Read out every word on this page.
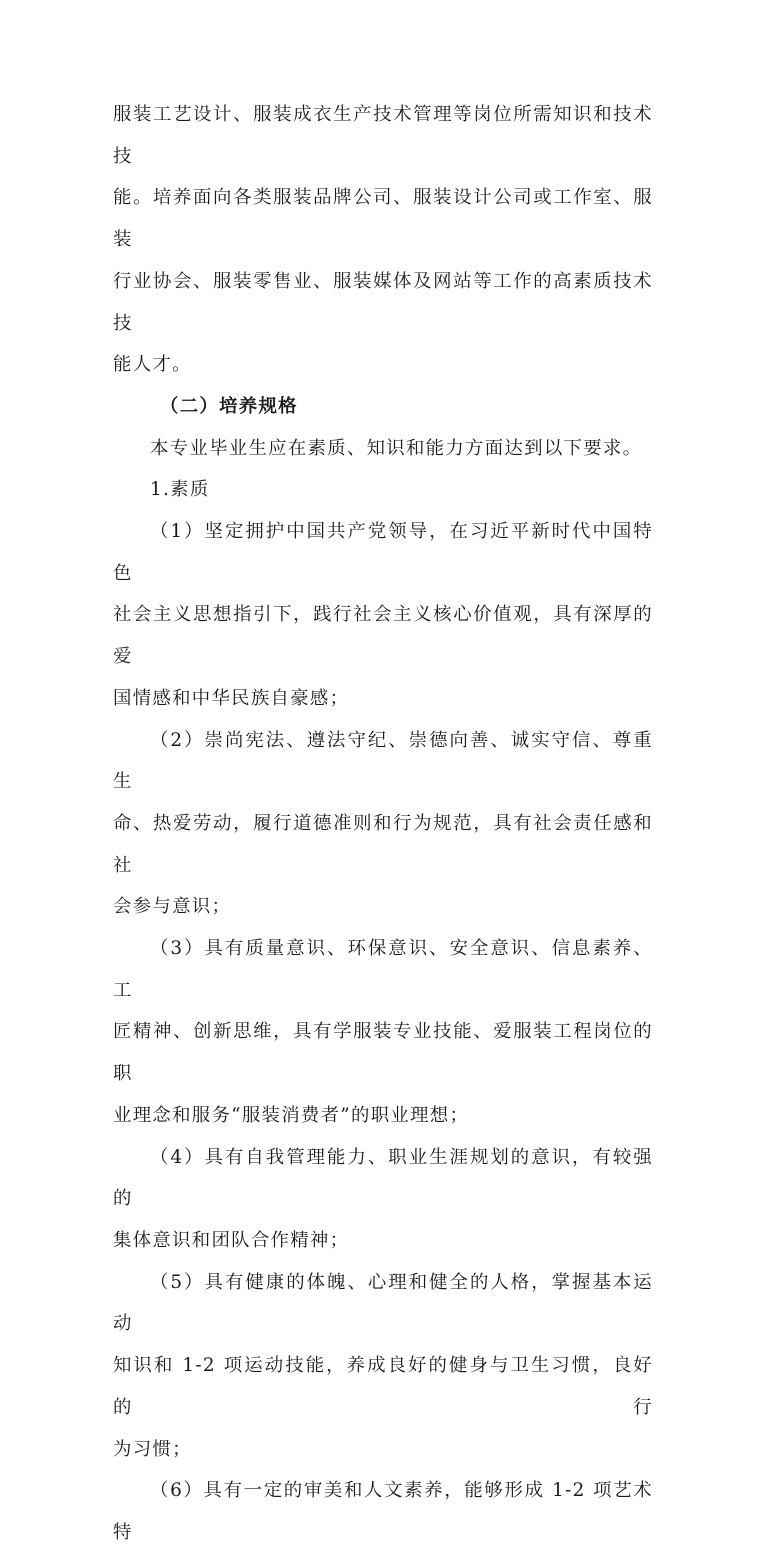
服装工艺设计、服装成衣生产技术管理等岗位所需知识和技术技
能。培养面向各类服装品牌公司、服装设计公司或工作室、服装
行业协会、服装零售业、服装媒体及网站等工作的高素质技术技
能人才。

（二）培养规格

本专业毕业生应在素质、知识和能力方面达到以下要求。

1.素质

（1）坚定拥护中国共产党领导，在习近平新时代中国特色
社会主义思想指引下，践行社会主义核心价值观，具有深厚的爱
国情感和中华民族自豪感；

（2）崇尚宪法、遵法守纪、崇德向善、诚实守信、尊重生
命、热爱劳动，履行道德准则和行为规范，具有社会责任感和社
会参与意识；

（3）具有质量意识、环保意识、安全意识、信息素养、工
匠精神、创新思维，具有学服装专业技能、爱服装工程岗位的职
业理念和服务“服装消费者”的职业理想；

（4）具有自我管理能力、职业生涯规划的意识，有较强的
集体意识和团队合作精神；

（5）具有健康的体魄、心理和健全的人格，掌握基本运动
知识和 1-2 项运动技能，养成良好的健身与卫生习惯，良好的行
为习惯；

（6）具有一定的审美和人文素养，能够形成 1-2 项艺术特
